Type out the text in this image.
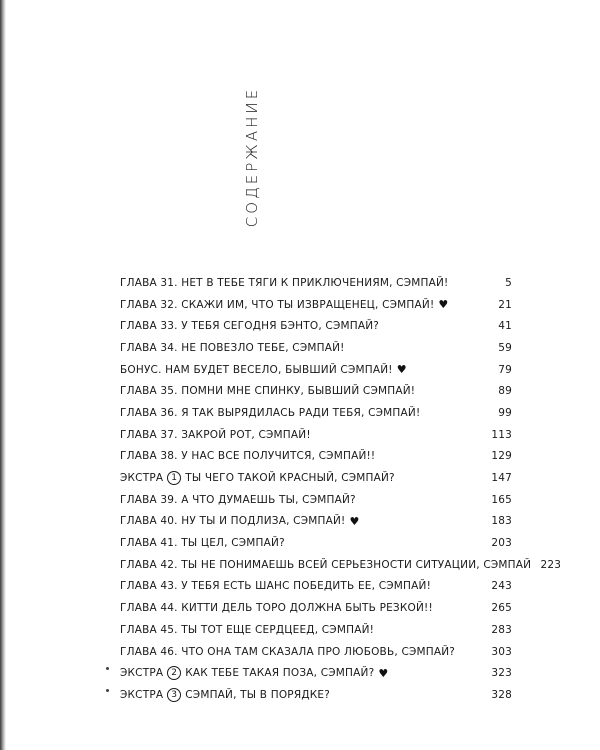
СОДЕРЖАНИЕ
ГЛАВА 31. НЕТ В ТЕБЕ ТЯГИ К ПРИКЛЮЧЕНИЯМ, СЭМПАЙ!	5
ГЛАВА 32. СКАЖИ ИМ, ЧТО ТЫ ИЗВРАЩЕНЕЦ, СЭМПАЙ! ♥	21
ГЛАВА 33. У ТЕБЯ СЕГОДНЯ БЭНТО, СЭМПАЙ?	41
ГЛАВА 34. НЕ ПОВЕЗЛО ТЕБЕ, СЭМПАЙ!	59
БОНУС. НАМ БУДЕТ ВЕСЕЛО, БЫВШИЙ СЭМПАЙ! ♥	79
ГЛАВА 35. ПОМНИ МНЕ СПИНКУ, БЫВШИЙ СЭМПАЙ!	89
ГЛАВА 36. Я ТАК ВЫРЯДИЛАСЬ РАДИ ТЕБЯ, СЭМПАЙ!	99
ГЛАВА 37. ЗАКРОЙ РОТ, СЭМПАЙ!	113
ГЛАВА 38. У НАС ВСЕ ПОЛУЧИТСЯ, СЭМПАЙ!!	129
ЭКСТРА 1 ТЫ ЧЕГО ТАКОЙ КРАСНЫЙ, СЭМПАЙ?	147
ГЛАВА 39. А ЧТО ДУМАЕШЬ ТЫ, СЭМПАЙ?	165
ГЛАВА 40. НУ ТЫ И ПОДЛИЗА, СЭМПАЙ! ♥	183
ГЛАВА 41. ТЫ ЦЕЛ, СЭМПАЙ?	203
ГЛАВА 42. ТЫ НЕ ПОНИМАЕШЬ ВСЕЙ СЕРЬЕЗНОСТИ СИТУАЦИИ, СЭМПАЙ 223
ГЛАВА 43. У ТЕБЯ ЕСТЬ ШАНС ПОБЕДИТЬ ЕЕ, СЭМПАЙ!	243
ГЛАВА 44. КИТТИ ДЕЛЬ ТОРО ДОЛЖНА БЫТЬ РЕЗКОЙ!!	265
ГЛАВА 45. ТЫ ТОТ ЕЩЕ СЕРДЦЕЕД, СЭМПАЙ!	283
ГЛАВА 46. ЧТО ОНА ТАМ СКАЗАЛА ПРО ЛЮБОВЬ, СЭМПАЙ?	303
ЭКСТРА 2 КАК ТЕБЕ ТАКАЯ ПОЗА, СЭМПАЙ? ♥	323
ЭКСТРА 3 СЭМПАЙ, ТЫ В ПОРЯДКЕ?	328
